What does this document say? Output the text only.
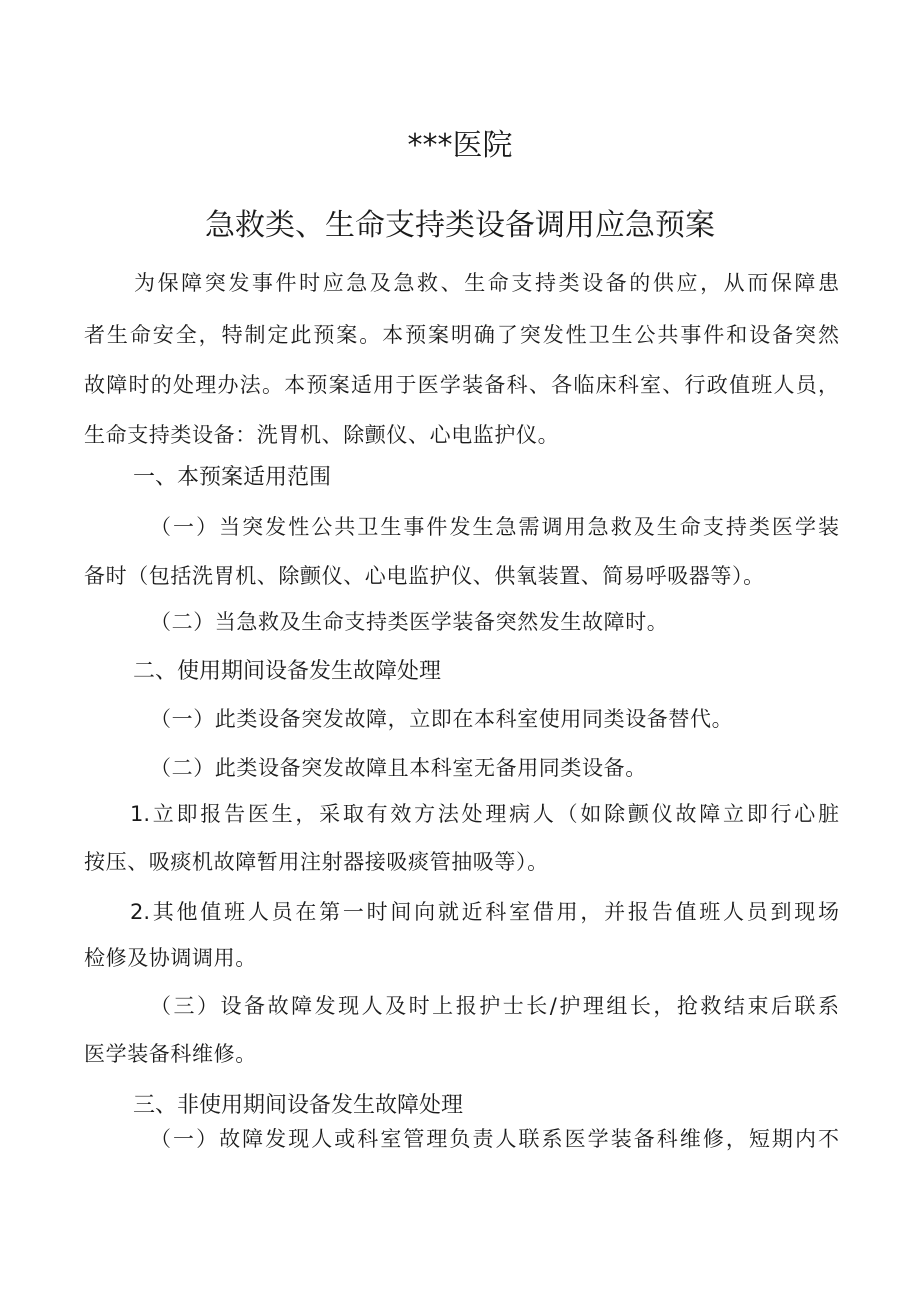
***医院
急救类、生命支持类设备调用应急预案
为保障突发事件时应急及急救、生命支持类设备的供应，从而保障患
者生命安全，特制定此预案。本预案明确了突发性卫生公共事件和设备突然
故障时的处理办法。本预案适用于医学装备科、各临床科室、行政值班人员，
生命支持类设备：洗胃机、除颤仪、心电监护仪。
一、本预案适用范围
（一）当突发性公共卫生事件发生急需调用急救及生命支持类医学装
备时（包括洗胃机、除颤仪、心电监护仪、供氧装置、简易呼吸器等）。
（二）当急救及生命支持类医学装备突然发生故障时。
二、使用期间设备发生故障处理
（一）此类设备突发故障，立即在本科室使用同类设备替代。
（二）此类设备突发故障且本科室无备用同类设备。
1.立即报告医生，采取有效方法处理病人（如除颤仪故障立即行心脏
按压、吸痰机故障暂用注射器接吸痰管抽吸等）。
2.其他值班人员在第一时间向就近科室借用，并报告值班人员到现场
检修及协调调用。
（三）设备故障发现人及时上报护士长/护理组长，抢救结束后联系
医学装备科维修。
三、非使用期间设备发生故障处理
（一）故障发现人或科室管理负责人联系医学装备科维修，短期内不
